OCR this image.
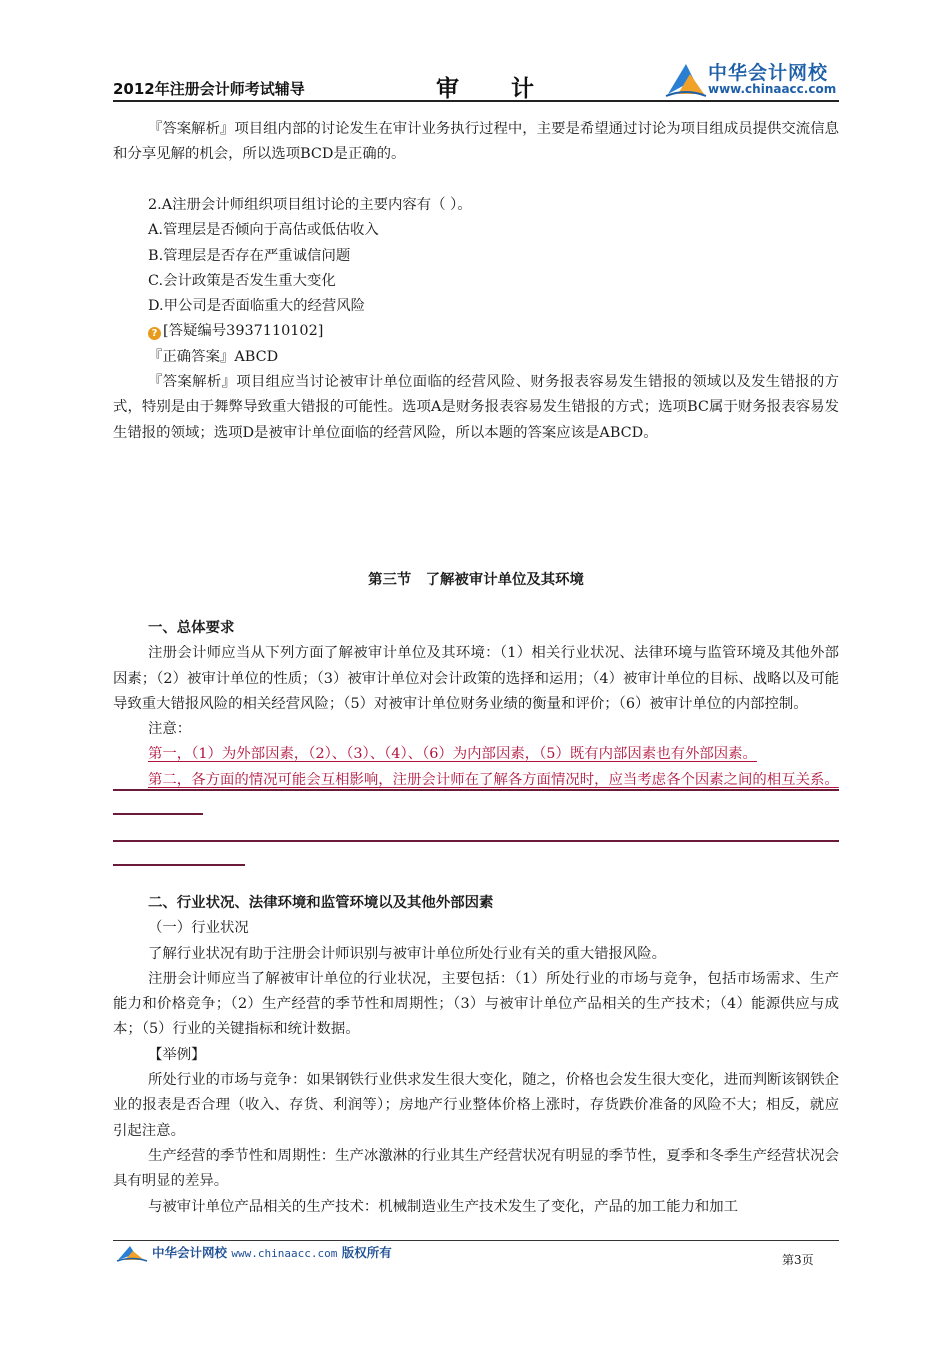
2012年注册会计师考试辅导	审计
中华会计网校
www.chinaacc.com

『答案解析』项目组内部的讨论发生在审计业务执行过程中，主要是希望通过讨论为项目组成员提供交流信息和分享见解的机会，所以选项BCD是正确的。

2.A注册会计师组织项目组讨论的主要内容有（ ）。

A.管理层是否倾向于高估或低估收入

B.管理层是否存在严重诚信问题

C.会计政策是否发生重大变化

D.甲公司是否面临重大的经营风险

? [答疑编号3937110102]

『正确答案』ABCD

『答案解析』项目组应当讨论被审计单位面临的经营风险、财务报表容易发生错报的领域以及发生错报的方式，特别是由于舞弊导致重大错报的可能性。选项A是财务报表容易发生错报的方式；选项BC属于财务报表容易发生错报的领域；选项D是被审计单位面临的经营风险，所以本题的答案应该是ABCD。

第三节　了解被审计单位及其环境

一、总体要求

注册会计师应当从下列方面了解被审计单位及其环境：（1）相关行业状况、法律环境与监管环境及其他外部因素；（2）被审计单位的性质；（3）被审计单位对会计政策的选择和运用；（4）被审计单位的目标、战略以及可能导致重大错报风险的相关经营风险；（5）对被审计单位财务业绩的衡量和评价；（6）被审计单位的内部控制。

注意：

第一，（1）为外部因素，（2）、（3）、（4）、（6）为内部因素，（5）既有内部因素也有外部因素。

第二，各方面的情况可能会互相影响，注册会计师在了解各方面情况时，应当考虑各个因素之间的相互关系。

二、行业状况、法律环境和监管环境以及其他外部因素

（一）行业状况

了解行业状况有助于注册会计师识别与被审计单位所处行业有关的重大错报风险。

注册会计师应当了解被审计单位的行业状况，主要包括：（1）所处行业的市场与竞争，包括市场需求、生产能力和价格竞争；（2）生产经营的季节性和周期性；（3）与被审计单位产品相关的生产技术；（4）能源供应与成本；（5）行业的关键指标和统计数据。

【举例】

所处行业的市场与竞争：如果钢铁行业供求发生很大变化，随之，价格也会发生很大变化，进而判断该钢铁企业的报表是否合理（收入、存货、利润等）；房地产行业整体价格上涨时，存货跌价准备的风险不大；相反，就应引起注意。

生产经营的季节性和周期性：生产冰激淋的行业其生产经营状况有明显的季节性，夏季和冬季生产经营状况会具有明显的差异。

与被审计单位产品相关的生产技术：机械制造业生产技术发生了变化，产品的加工能力和加工

中华会计网校 www.chinaacc.com 版权所有	第3页
